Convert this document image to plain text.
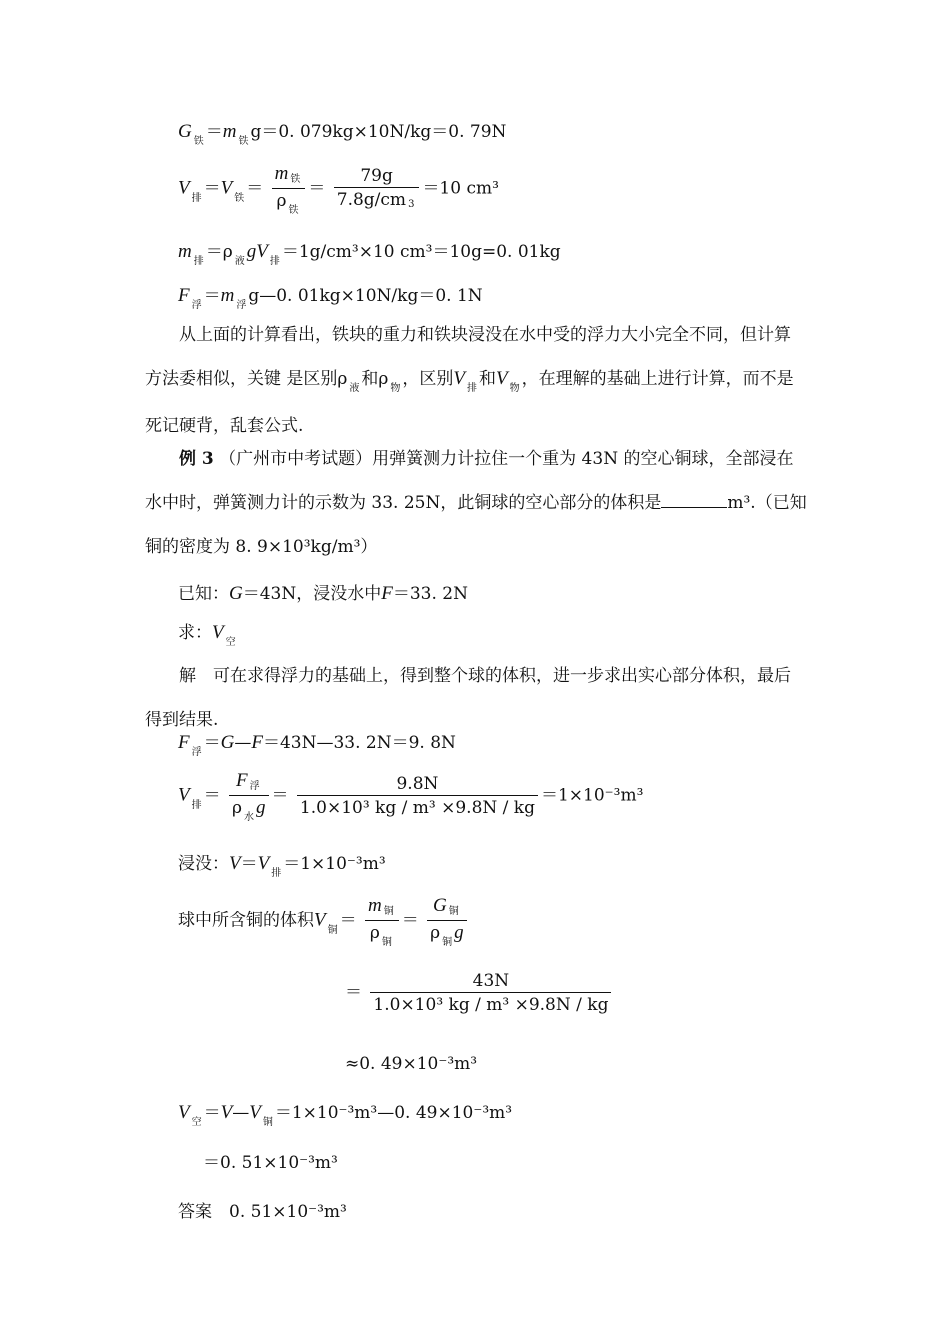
G $_铁$ ＝m $_铁$ g＝0. 079kg×10N/kg＝0. 79N
V $_排$ ＝V $_铁 = \frac{\text{m 铁}}{\rho _铁} = \frac{79g}{7.8g/cm 3} =10$ cm³
m $_排$ ＝ρ $_液$ gV $_排$ ＝1g/cm³×10 cm³＝10g=0. 01kg
F $_浮$ ＝m $_浮$ g—0. 01kg×10N/kg＝0. 1N

从上面的计算看出，铁块的重力和铁块浸没在水中受的浮力大小完全不同，但计算方法委相似，关键 是区别ρ $_液$ 和ρ $_物$ ，区别V $_排$ 和V $_物$ ，在理解的基础上进行计算，而不是死记硬背，乱套公式.

例 3 （广州市中考试题）用弹簧测力计拉住一个重为 43N 的空心铜球，全部浸在水中时，弹簧测力计的示数为 33. 25N，此铜球的空心部分的体积是	m³.（已知铜的密度为 8. 9×10³kg/m³）

已知：G＝43N，浸没水中F＝33. 2N
求：V $_空$

解　可在求得浮力的基础上，得到整个球的体积，进一步求出实心部分体积，最后得到结果.

F $_浮$ ＝G—F＝43N—33. 2N＝9. 8N
V $_排 = \frac{\text{F 浮}}{\rho _水 g} = \frac{9.8N}{\text{1.0×10³ kg / m³ ×9.8N / kg}} =1\times 10^{-3}m^3$
浸没：V＝V $_排$ ＝1×10⁻³m³
球中所含铜的体积V $_铜 = \frac{\text{m 铜}}{\rho _铜} = \frac{\text{G 铜}}{\rho _铜 g}$
＝ $\frac{43N}{\text{1.0×10³ kg / m³ ×9.8N / kg}}$
≈0. 49×10⁻³m³
V $_空$ ＝V—V $_铜$ ＝1×10⁻³m³—0. 49×10⁻³m³
＝0. 51×10⁻³m³
答案　 0. 51×10⁻³m³
